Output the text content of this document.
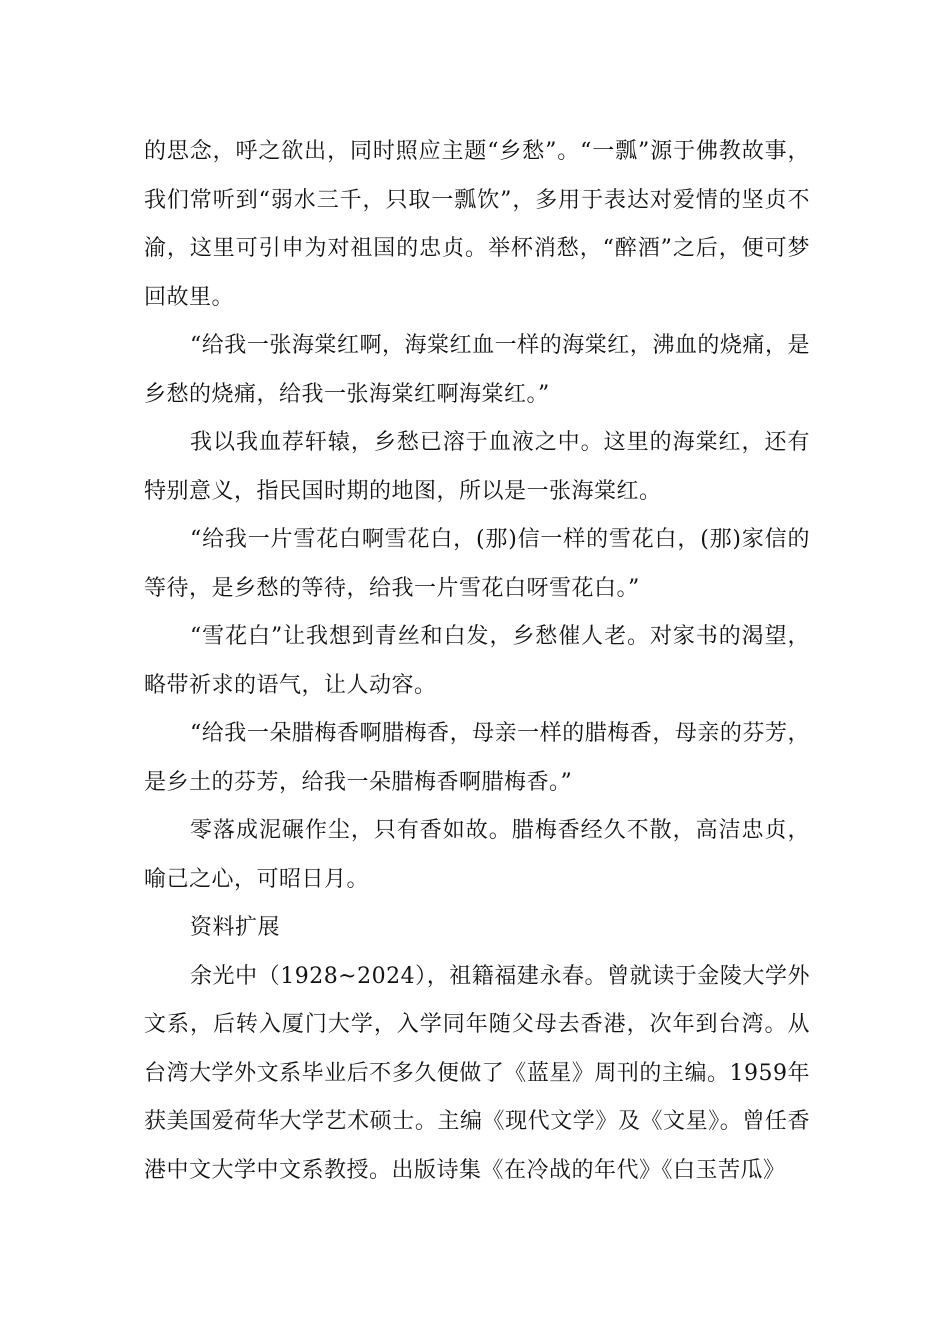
的思念，呼之欲出，同时照应主题“乡愁”。“一瓢”源于佛教故事，我们常听到“弱水三千，只取一瓢饮”，多用于表达对爱情的坚贞不渝，这里可引申为对祖国的忠贞。举杯消愁，“醉酒”之后，便可梦回故里。

“给我一张海棠红啊，海棠红血一样的海棠红，沸血的烧痛，是乡愁的烧痛，给我一张海棠红啊海棠红。”

我以我血荐轩辕，乡愁已溶于血液之中。这里的海棠红，还有特别意义，指民国时期的地图，所以是一张海棠红。

“给我一片雪花白啊雪花白，(那)信一样的雪花白，(那)家信的等待，是乡愁的等待，给我一片雪花白呀雪花白。”

“雪花白”让我想到青丝和白发，乡愁催人老。对家书的渴望，略带祈求的语气，让人动容。

“给我一朵腊梅香啊腊梅香，母亲一样的腊梅香，母亲的芬芳，是乡土的芬芳，给我一朵腊梅香啊腊梅香。”

零落成泥碾作尘，只有香如故。腊梅香经久不散，高洁忠贞，喻己之心，可昭日月。

资料扩展

余光中（1928~2024），祖籍福建永春。曾就读于金陵大学外文系，后转入厦门大学，入学同年随父母去香港，次年到台湾。从台湾大学外文系毕业后不多久便做了《蓝星》周刊的主编。1959年获美国爱荷华大学艺术硕士。主编《现代文学》及《文星》。曾任香港中文大学中文系教授。出版诗集《在冷战的年代》《白玉苦瓜》
